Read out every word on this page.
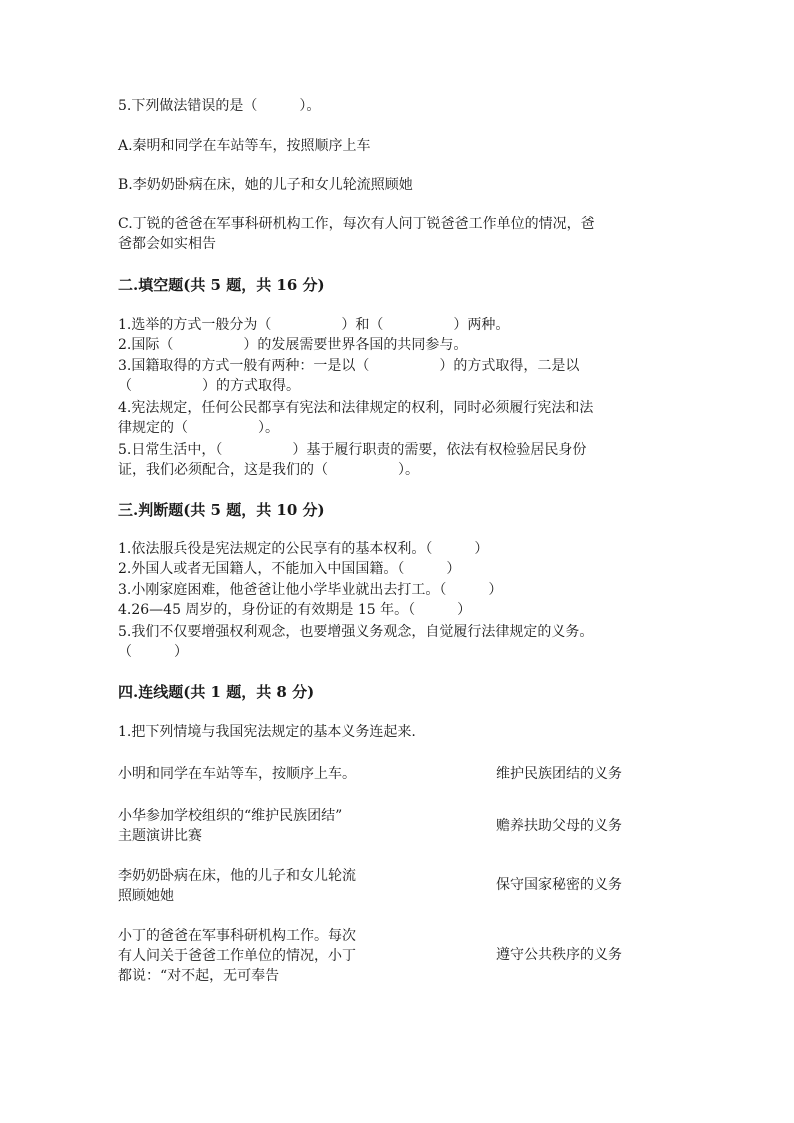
5.下列做法错误的是（　　　）。
A.秦明和同学在车站等车，按照顺序上车
B.李奶奶卧病在床，她的儿子和女儿轮流照顾她
C.丁锐的爸爸在军事科研机构工作，每次有人问丁锐爸爸工作单位的情况，爸
爸都会如实相告
二.填空题(共 5 题，共 16 分)
1.选举的方式一般分为（　　　　　）和（　　　　　）两种。
2.国际（　　　　　）的发展需要世界各国的共同参与。
3.国籍取得的方式一般有两种：一是以（　　　　　）的方式取得，二是以
（　　　　　）的方式取得。
4.宪法规定，任何公民都享有宪法和法律规定的权利，同时必须履行宪法和法
律规定的（　　　　　）。
5.日常生活中，（　　　　　）基于履行职责的需要，依法有权检验居民身份
证，我们必须配合，这是我们的（　　　　　）。
三.判断题(共 5 题，共 10 分)
1.依法服兵役是宪法规定的公民享有的基本权利。（　　　）
2.外国人或者无国籍人，不能加入中国国籍。（　　　）
3.小刚家庭困难，他爸爸让他小学毕业就出去打工。（　　　）
4.26—45 周岁的，身份证的有效期是 15 年。（　　　）
5.我们不仅要增强权利观念，也要增强义务观念，自觉履行法律规定的义务。
（　　　）
四.连线题(共 1 题，共 8 分)
1.把下列情境与我国宪法规定的基本义务连起来.
小明和同学在车站等车，按顺序上车。	维护民族团结的义务
小华参加学校组织的“维护民族团结”
主题演讲比赛
赡养扶助父母的义务
李奶奶卧病在床，他的儿子和女儿轮流
照顾她她
保守国家秘密的义务
小丁的爸爸在军事科研机构工作。每次
有人问关于爸爸工作单位的情况，小丁
都说：“对不起，无可奉告
遵守公共秩序的义务
